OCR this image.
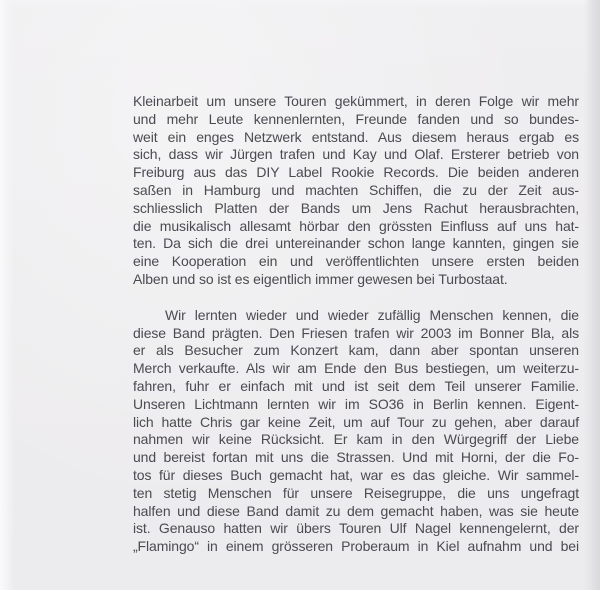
Kleinarbeit um unsere Touren gekümmert, in deren Folge wir mehr
und mehr Leute kennenlernten, Freunde fanden und so bundes-
weit ein enges Netzwerk entstand. Aus diesem heraus ergab es
sich, dass wir Jürgen trafen und Kay und Olaf. Ersterer betrieb von
Freiburg aus das DIY Label Rookie Records. Die beiden anderen
saßen in Hamburg und machten Schiffen, die zu der Zeit aus-
schliesslich Platten der Bands um Jens Rachut herausbrachten,
die musikalisch allesamt hörbar den grössten Einfluss auf uns hat-
ten. Da sich die drei untereinander schon lange kannten, gingen sie
eine Kooperation ein und veröffentlichten unsere ersten beiden
Alben und so ist es eigentlich immer gewesen bei Turbostaat.

Wir lernten wieder und wieder zufällig Menschen kennen, die
diese Band prägten. Den Friesen trafen wir 2003 im Bonner Bla, als
er als Besucher zum Konzert kam, dann aber spontan unseren
Merch verkaufte. Als wir am Ende den Bus bestiegen, um weiterzu-
fahren, fuhr er einfach mit und ist seit dem Teil unserer Familie.
Unseren Lichtmann lernten wir im SO36 in Berlin kennen. Eigent-
lich hatte Chris gar keine Zeit, um auf Tour zu gehen, aber darauf
nahmen wir keine Rücksicht. Er kam in den Würgegriff der Liebe
und bereist fortan mit uns die Strassen. Und mit Horni, der die Fo-
tos für dieses Buch gemacht hat, war es das gleiche. Wir sammel-
ten stetig Menschen für unsere Reisegruppe, die uns ungefragt
halfen und diese Band damit zu dem gemacht haben, was sie heute
ist. Genauso hatten wir übers Touren Ulf Nagel kennengelernt, der
„Flamingo“ in einem grösseren Proberaum in Kiel aufnahm und bei
